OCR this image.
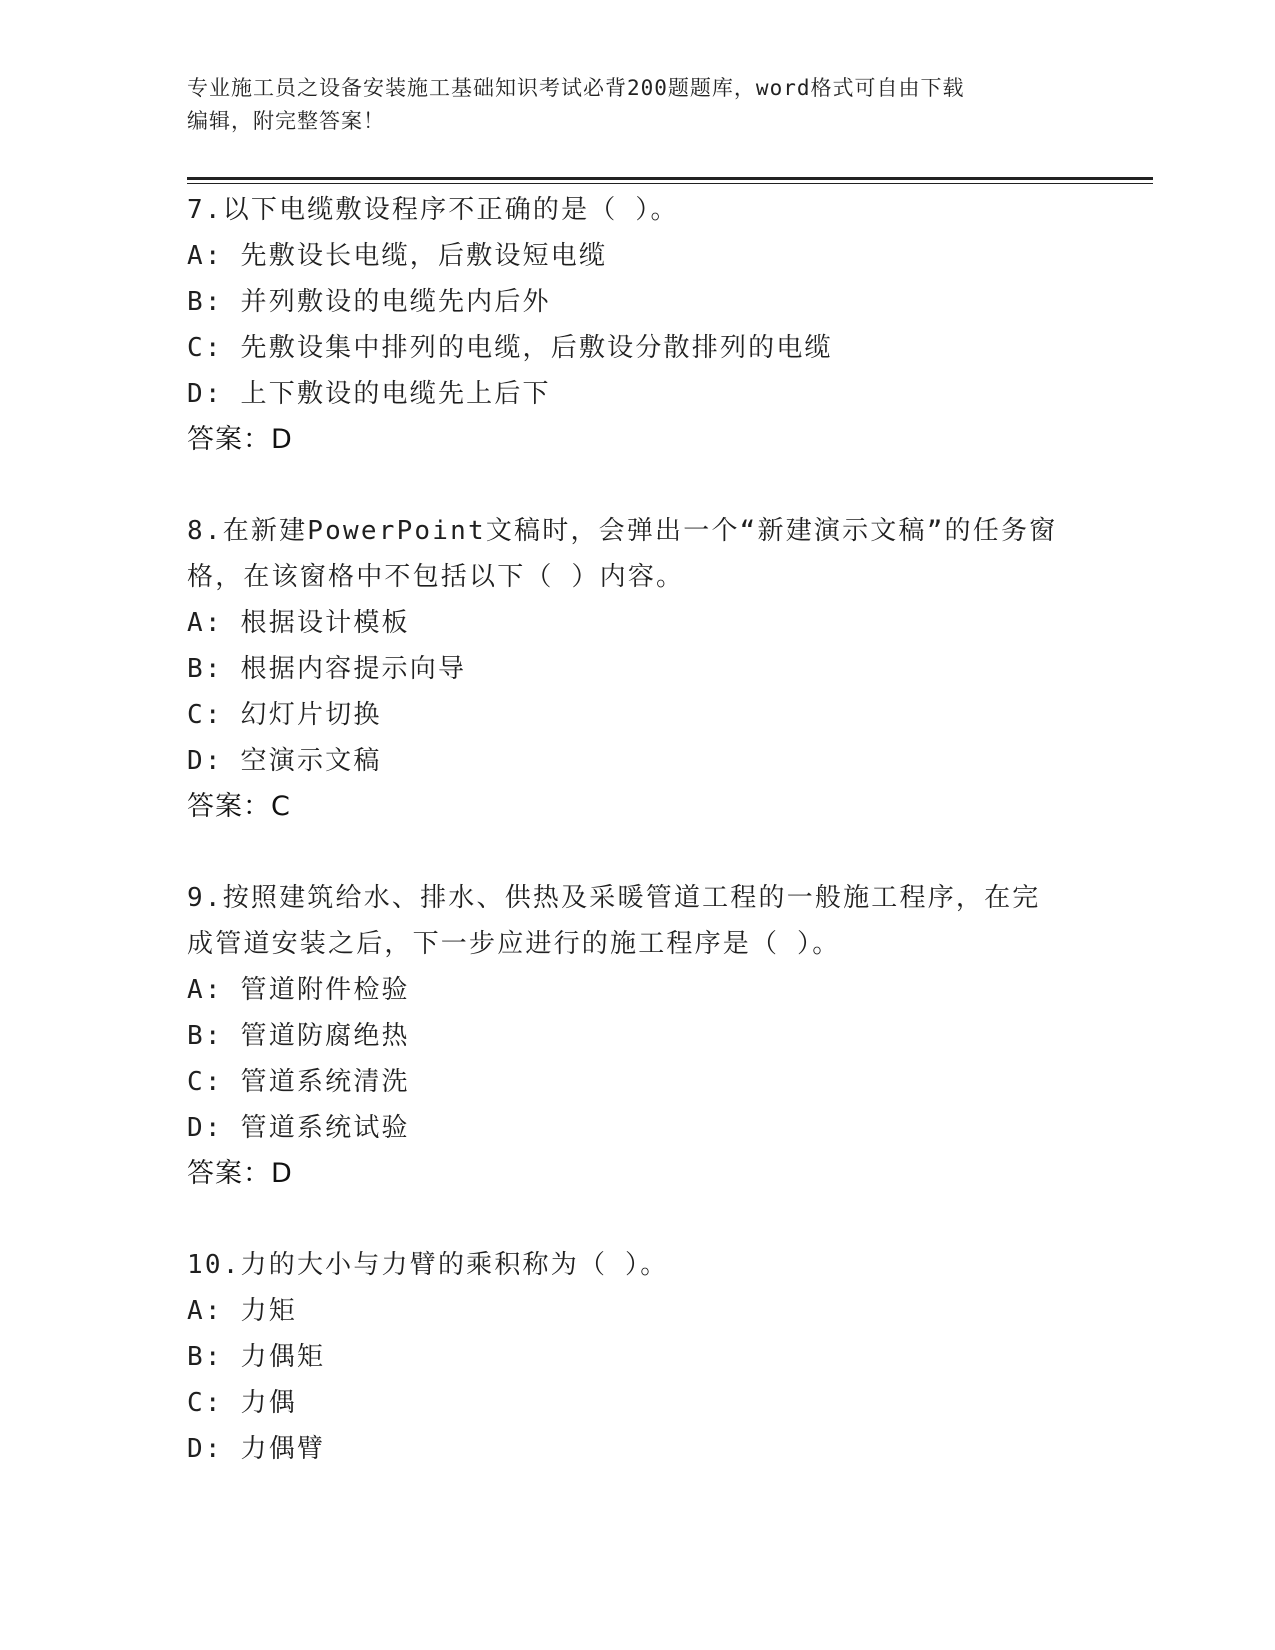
专业施工员之设备安装施工基础知识考试必背200题题库，word格式可自由下载
编辑，附完整答案！

7.以下电缆敷设程序不正确的是（ ）。

A: 先敷设长电缆，后敷设短电缆

B: 并列敷设的电缆先内后外

C: 先敷设集中排列的电缆，后敷设分散排列的电缆

D: 上下敷设的电缆先上后下

答案：D

8.在新建PowerPoint文稿时，会弹出一个“新建演示文稿”的任务窗

格，在该窗格中不包括以下（ ）内容。

A: 根据设计模板

B: 根据内容提示向导

C: 幻灯片切换

D: 空演示文稿

答案：C

9.按照建筑给水、排水、供热及采暖管道工程的一般施工程序，在完

成管道安装之后，下一步应进行的施工程序是（ ）。

A: 管道附件检验

B: 管道防腐绝热

C: 管道系统清洗

D: 管道系统试验

答案：D

10.力的大小与力臂的乘积称为（ ）。

A: 力矩

B: 力偶矩

C: 力偶

D: 力偶臂
